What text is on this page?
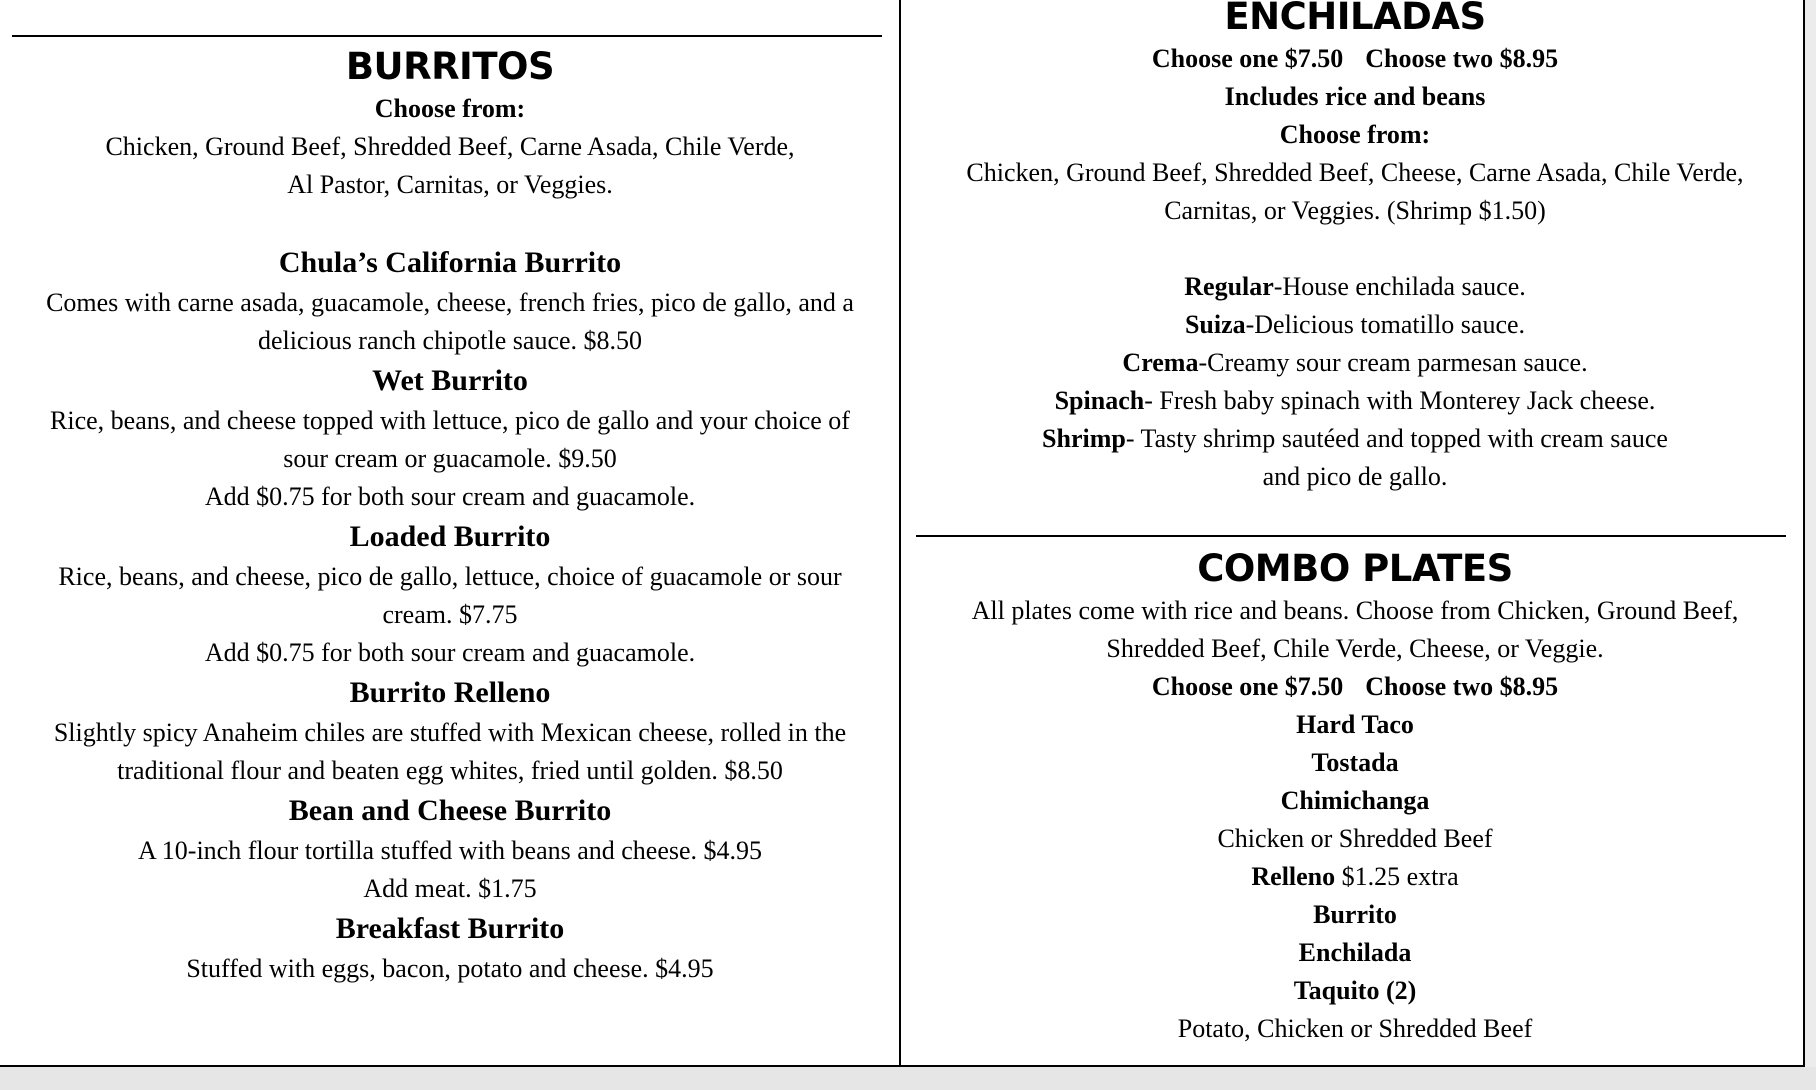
BURRITOS

Choose from:

Chicken, Ground Beef, Shredded Beef, Carne Asada, Chile Verde,

Al Pastor, Carnitas, or Veggies.

Chula’s California Burrito

Comes with carne asada, guacamole, cheese, french fries, pico de gallo, and a

delicious ranch chipotle sauce. $8.50

Wet Burrito

Rice, beans, and cheese topped with lettuce, pico de gallo and your choice of

sour cream or guacamole. $9.50

Add $0.75 for both sour cream and guacamole.

Loaded Burrito

Rice, beans, and cheese, pico de gallo, lettuce, choice of guacamole or sour

cream. $7.75

Add $0.75 for both sour cream and guacamole.

Burrito Relleno

Slightly spicy Anaheim chiles are stuffed with Mexican cheese, rolled in the

traditional flour and beaten egg whites, fried until golden. $8.50

Bean and Cheese Burrito

A 10-inch flour tortilla stuffed with beans and cheese. $4.95

Add meat. $1.75

Breakfast Burrito

Stuffed with eggs, bacon, potato and cheese. $4.95

ENCHILADAS

Choose one $7.50 Choose two $8.95

Includes rice and beans

Choose from:

Chicken, Ground Beef, Shredded Beef, Cheese, Carne Asada, Chile Verde,

Carnitas, or Veggies. (Shrimp $1.50)

Regular-House enchilada sauce.

Suiza-Delicious tomatillo sauce.

Crema-Creamy sour cream parmesan sauce.

Spinach- Fresh baby spinach with Monterey Jack cheese.

Shrimp- Tasty shrimp sautéed and topped with cream sauce

and pico de gallo.

COMBO PLATES

All plates come with rice and beans. Choose from Chicken, Ground Beef,

Shredded Beef, Chile Verde, Cheese, or Veggie.

Choose one $7.50 Choose two $8.95

Hard Taco

Tostada

Chimichanga

Chicken or Shredded Beef

Relleno $1.25 extra

Burrito

Enchilada

Taquito (2)

Potato, Chicken or Shredded Beef
